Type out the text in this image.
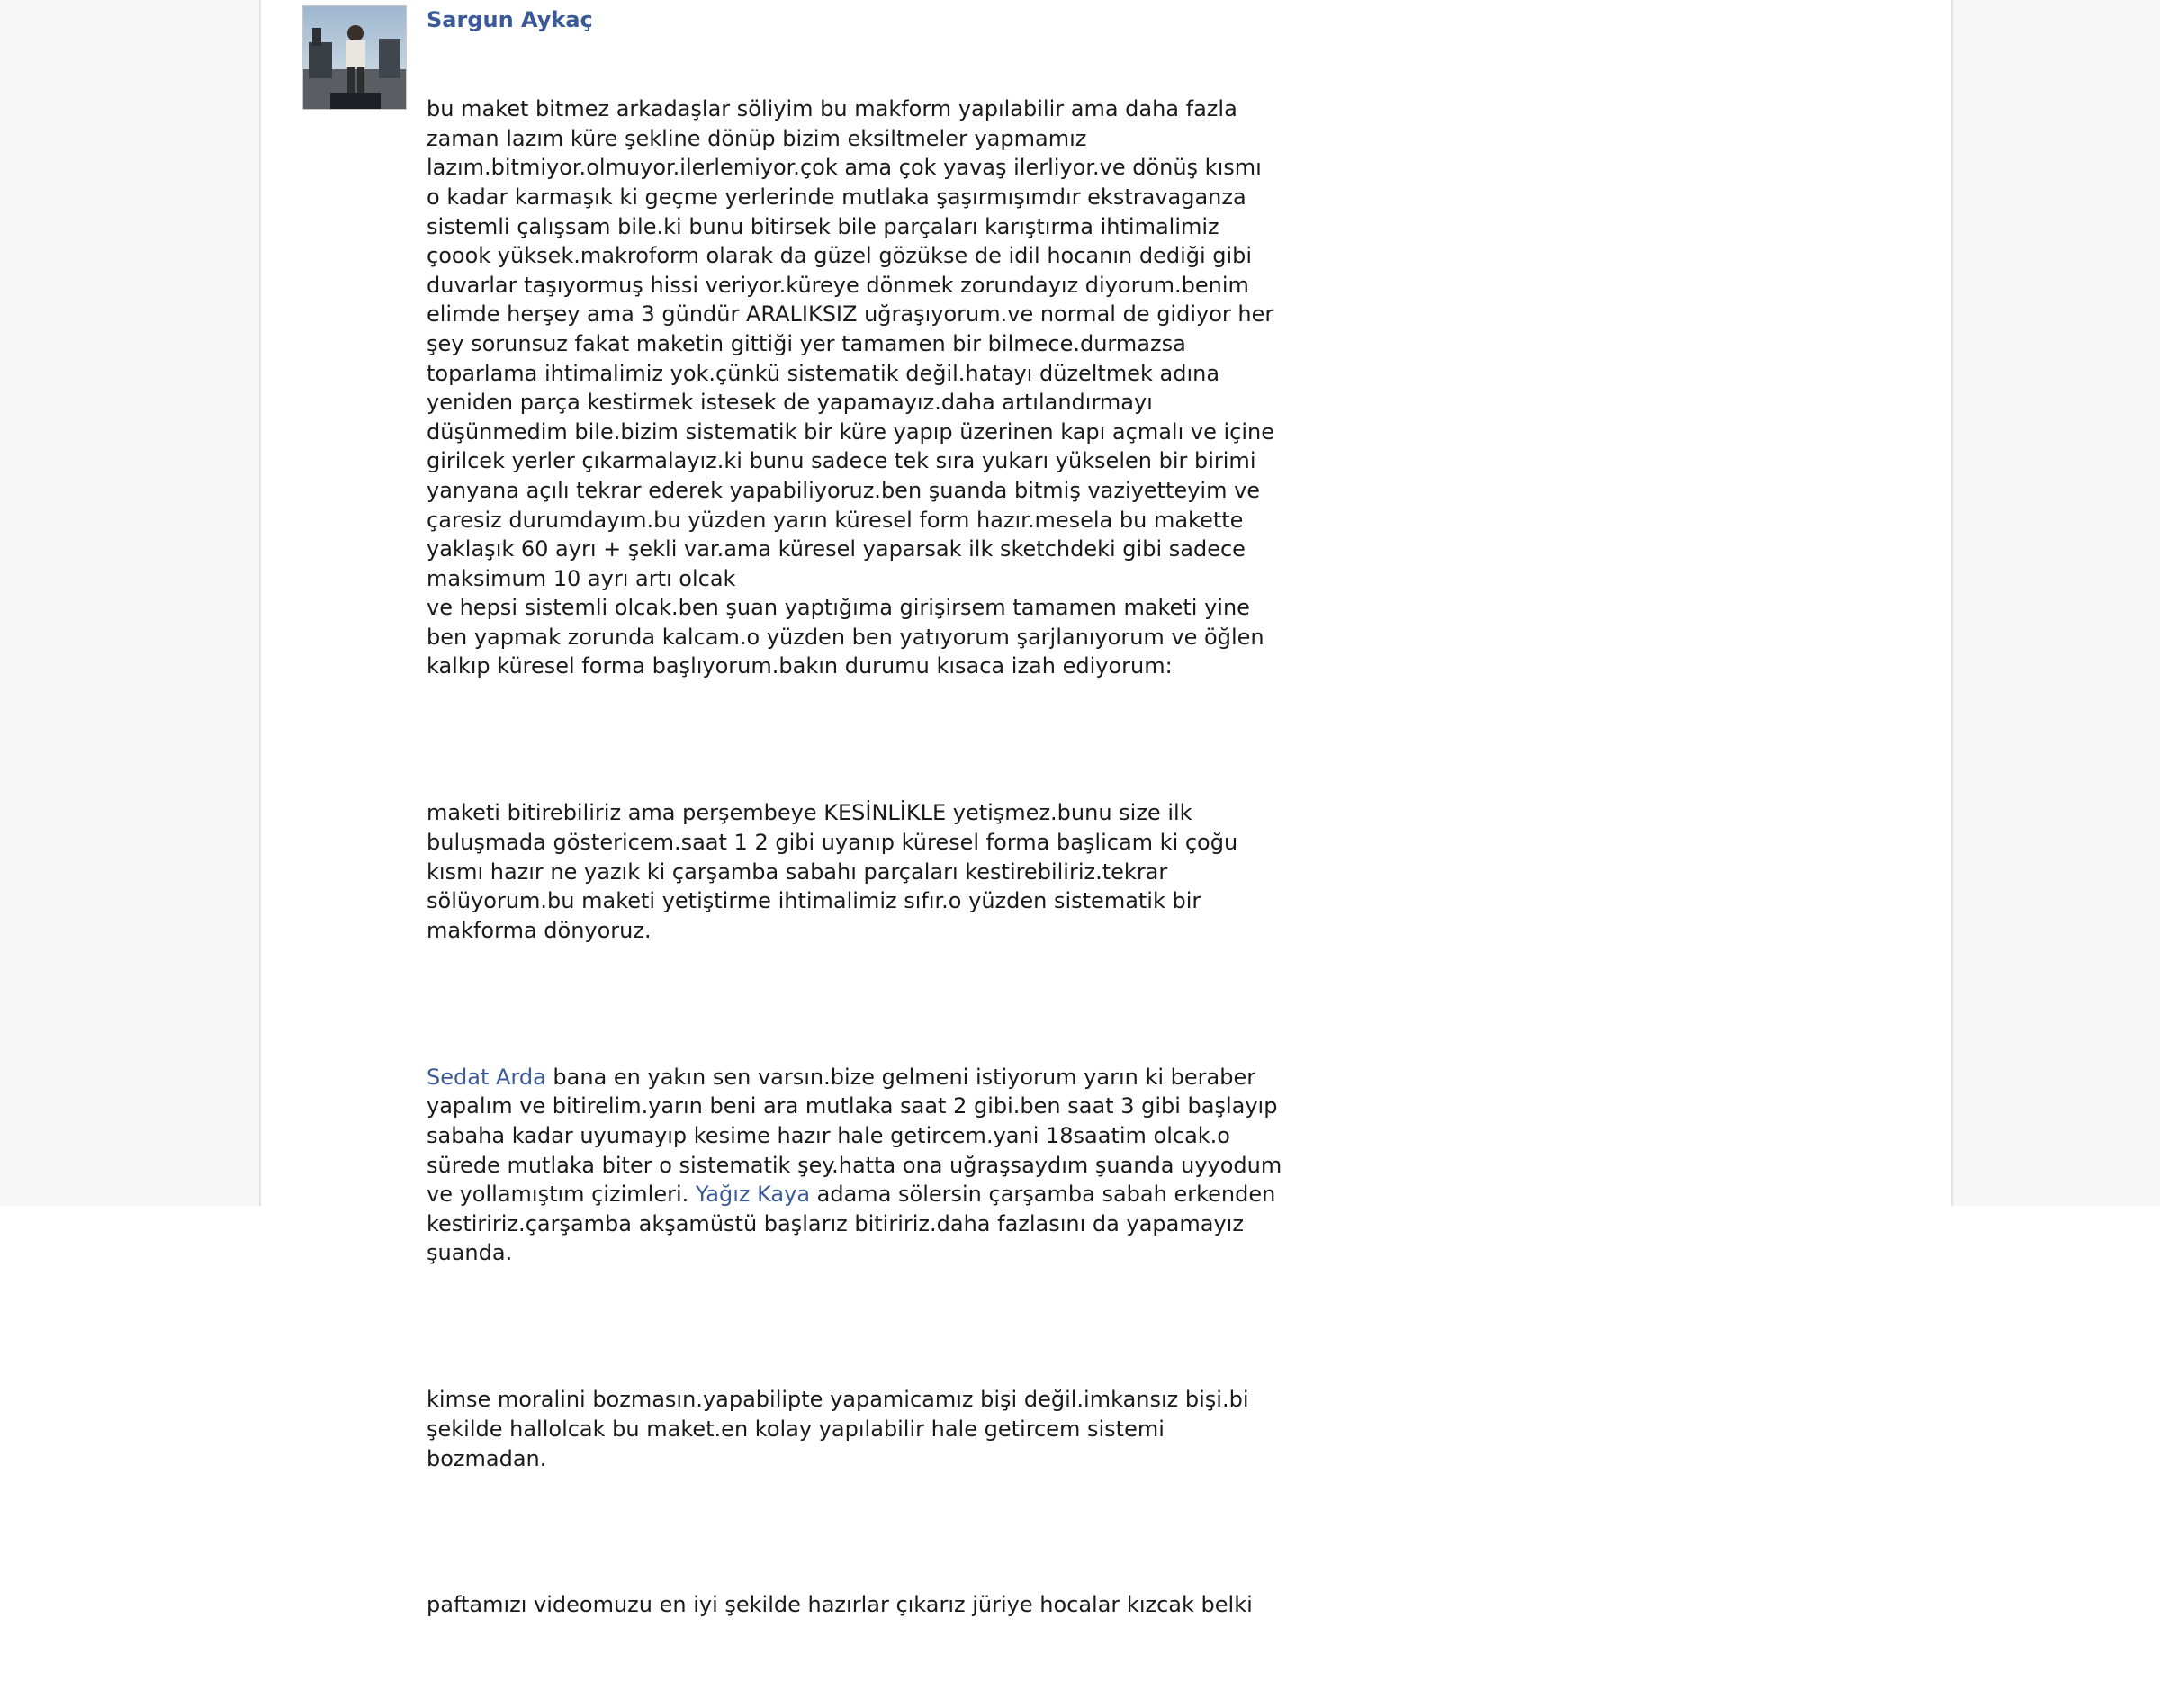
Sargun Aykaç

bu maket bitmez arkadaşlar söliyim bu makform yapılabilir ama daha fazla
zaman lazım küre şekline dönüp bizim eksiltmeler yapmamız
lazım.bitmiyor.olmuyor.ilerlemiyor.çok ama çok yavaş ilerliyor.ve dönüş kısmı
o kadar karmaşık ki geçme yerlerinde mutlaka şaşırmışımdır ekstravaganza
sistemli çalışsam bile.ki bunu bitirsek bile parçaları karıştırma ihtimalimiz
çoook yüksek.makroform olarak da güzel gözükse de idil hocanın dediği gibi
duvarlar taşıyormuş hissi veriyor.küreye dönmek zorundayız diyorum.benim
elimde herşey ama 3 gündür ARALIKSIZ uğraşıyorum.ve normal de gidiyor her
şey sorunsuz fakat maketin gittiği yer tamamen bir bilmece.durmazsa
toparlama ihtimalimiz yok.çünkü sistematik değil.hatayı düzeltmek adına
yeniden parça kestirmek istesek de yapamayız.daha artılandırmayı
düşünmedim bile.bizim sistematik bir küre yapıp üzerinen kapı açmalı ve içine
girilcek yerler çıkarmalayız.ki bunu sadece tek sıra yukarı yükselen bir birimi
yanyana açılı tekrar ederek yapabiliyoruz.ben şuanda bitmiş vaziyetteyim ve
çaresiz durumdayım.bu yüzden yarın küresel form hazır.mesela bu makette
yaklaşık 60 ayrı + şekli var.ama küresel yaparsak ilk sketchdeki gibi sadece
maksimum 10 ayrı artı olcak
ve hepsi sistemli olcak.ben şuan yaptığıma girişirsem tamamen maketi yine
ben yapmak zorunda kalcam.o yüzden ben yatıyorum şarjlanıyorum ve öğlen
kalkıp küresel forma başlıyorum.bakın durumu kısaca izah ediyorum:

maketi bitirebiliriz ama perşembeye KESİNLİKLE yetişmez.bunu size ilk
buluşmada göstericem.saat 1 2 gibi uyanıp küresel forma başlicam ki çoğu
kısmı hazır ne yazık ki çarşamba sabahı parçaları kestirebiliriz.tekrar
sölüyorum.bu maketi yetiştirme ihtimalimiz sıfır.o yüzden sistematik bir
makforma dönyoruz.

Sedat Arda bana en yakın sen varsın.bize gelmeni istiyorum yarın ki beraber
yapalım ve bitirelim.yarın beni ara mutlaka saat 2 gibi.ben saat 3 gibi başlayıp
sabaha kadar uyumayıp kesime hazır hale getircem.yani 18saatim olcak.o
sürede mutlaka biter o sistematik şey.hatta ona uğraşsaydım şuanda uyyodum
ve yollamıştım çizimleri. Yağız Kaya adama sölersin çarşamba sabah erkenden
kestiririz.çarşamba akşamüstü başlarız bitiririz.daha fazlasını da yapamayız
şuanda.

kimse moralini bozmasın.yapabilipte yapamicamız bişi değil.imkansız bişi.bi
şekilde hallolcak bu maket.en kolay yapılabilir hale getircem sistemi
bozmadan.

paftamızı videomuzu en iyi şekilde hazırlar çıkarız jüriye hocalar kızcak belki
